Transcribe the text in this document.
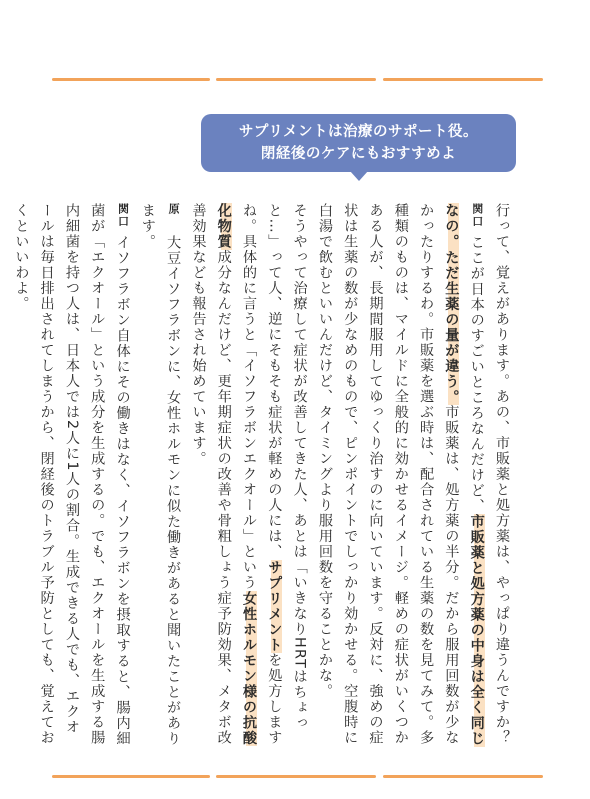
サプリメントは治療のサポート役。
閉経後のケアにもおすすめよ
行って、覚えがあります。あの、市販薬と処方薬は、やっぱり違うんですか？
関口ここが日本のすごいところなんだけど、市販薬と処方薬の中身は全く同じなの。ただ生薬の量が違う。市販薬は、処方薬の半分。だから服用回数が少なかったりするわ。市販薬を選ぶ時は、配合されている生薬の数を見てみて。多種類のものは、マイルドに全般的に効かせるイメージ。軽めの症状がいくつかある人が、長期間服用してゆっくり治すのに向いています。反対に、強めの症状は生薬の数が少なめのもので、ピンポイントでしっかり効かせる。空腹時に白湯で飲むといいんだけど、タイミングより服用回数を守ることかな。
そうやって治療して症状が改善してきた人、あとは「いきなりHRTはちょっと…」って人、逆にそもそも症状が軽めの人には、サプリメントを処方しますね。具体的に言うと「イソフラボンエクオール」という女性ホルモン様の抗酸化物質成分なんだけど、更年期症状の改善や骨粗しょう症予防効果、メタボ改善効果なども報告され始めています。
原大豆イソフラボンに、女性ホルモンに似た働きがあると聞いたことがあります。
関口イソフラボン自体にその働きはなく、イソフラボンを摂取すると、腸内細菌が「エクオール」という成分を生成するの。でも、エクオールを生成する腸内細菌を持つ人は、日本人では2人に1人の割合。生成できる人でも、エクオールは毎日排出されてしまうから、閉経後のトラブル予防としても、覚えておくといいわよ。
